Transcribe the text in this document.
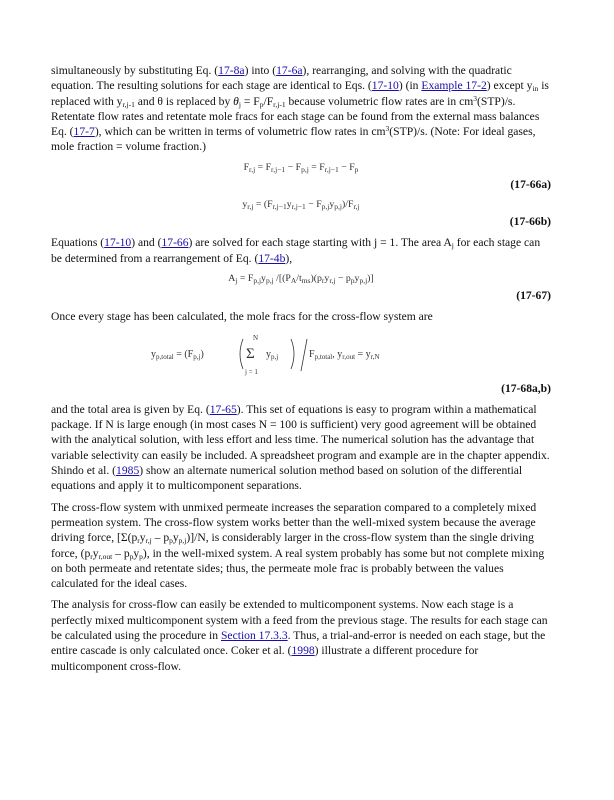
simultaneously by substituting Eq. (17-8a) into (17-6a), rearranging, and solving with the quadratic equation. The resulting solutions for each stage are identical to Eqs. (17-10) (in Example 17-2) except $y_{in}$ is replaced with $y_{r,j-1}$ and θ is replaced by $\theta_j = F_p/F_{r,j-1}$ because volumetric flow rates are in $cm^3(STP)/s$. Retentate flow rates and retentate mole fracs for each stage can be found from the external mass balances Eq. (17-7), which can be written in terms of volumetric flow rates in $cm^3(STP)/s$. (Note: For ideal gases, mole fraction = volume fraction.)

$F_{r,j} = F_{r,j-1} - F_{p,j} = F_{r,j-1} - F_p$
(17-66a)
$y_{r,j} = (F_{r,j-1}y_{r,j-1} - F_{p,j}y_{p,j})/F_{r,j}$
(17-66b)

Equations (17-10) and (17-66) are solved for each stage starting with j = 1. The area $A_j$ for each stage can be determined from a rearrangement of Eq. (17-4b),

$A_j = F_{p,j}y_{p,j}$ $/[(P_A/t_{ms})(p_ry_{r,j} - p_py_{p,j})]$
(17-67)

Once every stage has been calculated, the mole fracs for the cross-flow system are

$y_{p,total} = (F_{p,j})$
N
Σ
j = 1
$y_{p,j}$	$F_{p,total}$, $y_{r,out} = y_{r,N}$
(17-68a,b)

and the total area is given by Eq. (17-65). This set of equations is easy to program within a mathematical package. If N is large enough (in most cases N = 100 is sufficient) very good agreement will be obtained with the analytical solution, with less effort and less time. The numerical solution has the advantage that variable selectivity can easily be included. A spreadsheet program and example are in the chapter appendix. Shindo et al. (1985) show an alternate numerical solution method based on solution of the differential equations and apply it to multicomponent separations.

The cross-flow system with unmixed permeate increases the separation compared to a completely mixed permeation system. The cross-flow system works better than the well-mixed system because the average driving force, $[\Sigma(p_ry_{r,j} - p_py_{p,j})]/N$, is considerably larger in the cross-flow system than the single driving force, $(p_ry_{r,out} - p_py_p)$, in the well-mixed system. A real system probably has some but not complete mixing on both permeate and retentate sides; thus, the permeate mole frac is probably between the values calculated for the ideal cases.

The analysis for cross-flow can easily be extended to multicomponent systems. Now each stage is a perfectly mixed multicomponent system with a feed from the previous stage. The results for each stage can be calculated using the procedure in Section 17.3.3. Thus, a trial-and-error is needed on each stage, but the entire cascade is only calculated once. Coker et al. (1998) illustrate a different procedure for multicomponent cross-flow.
